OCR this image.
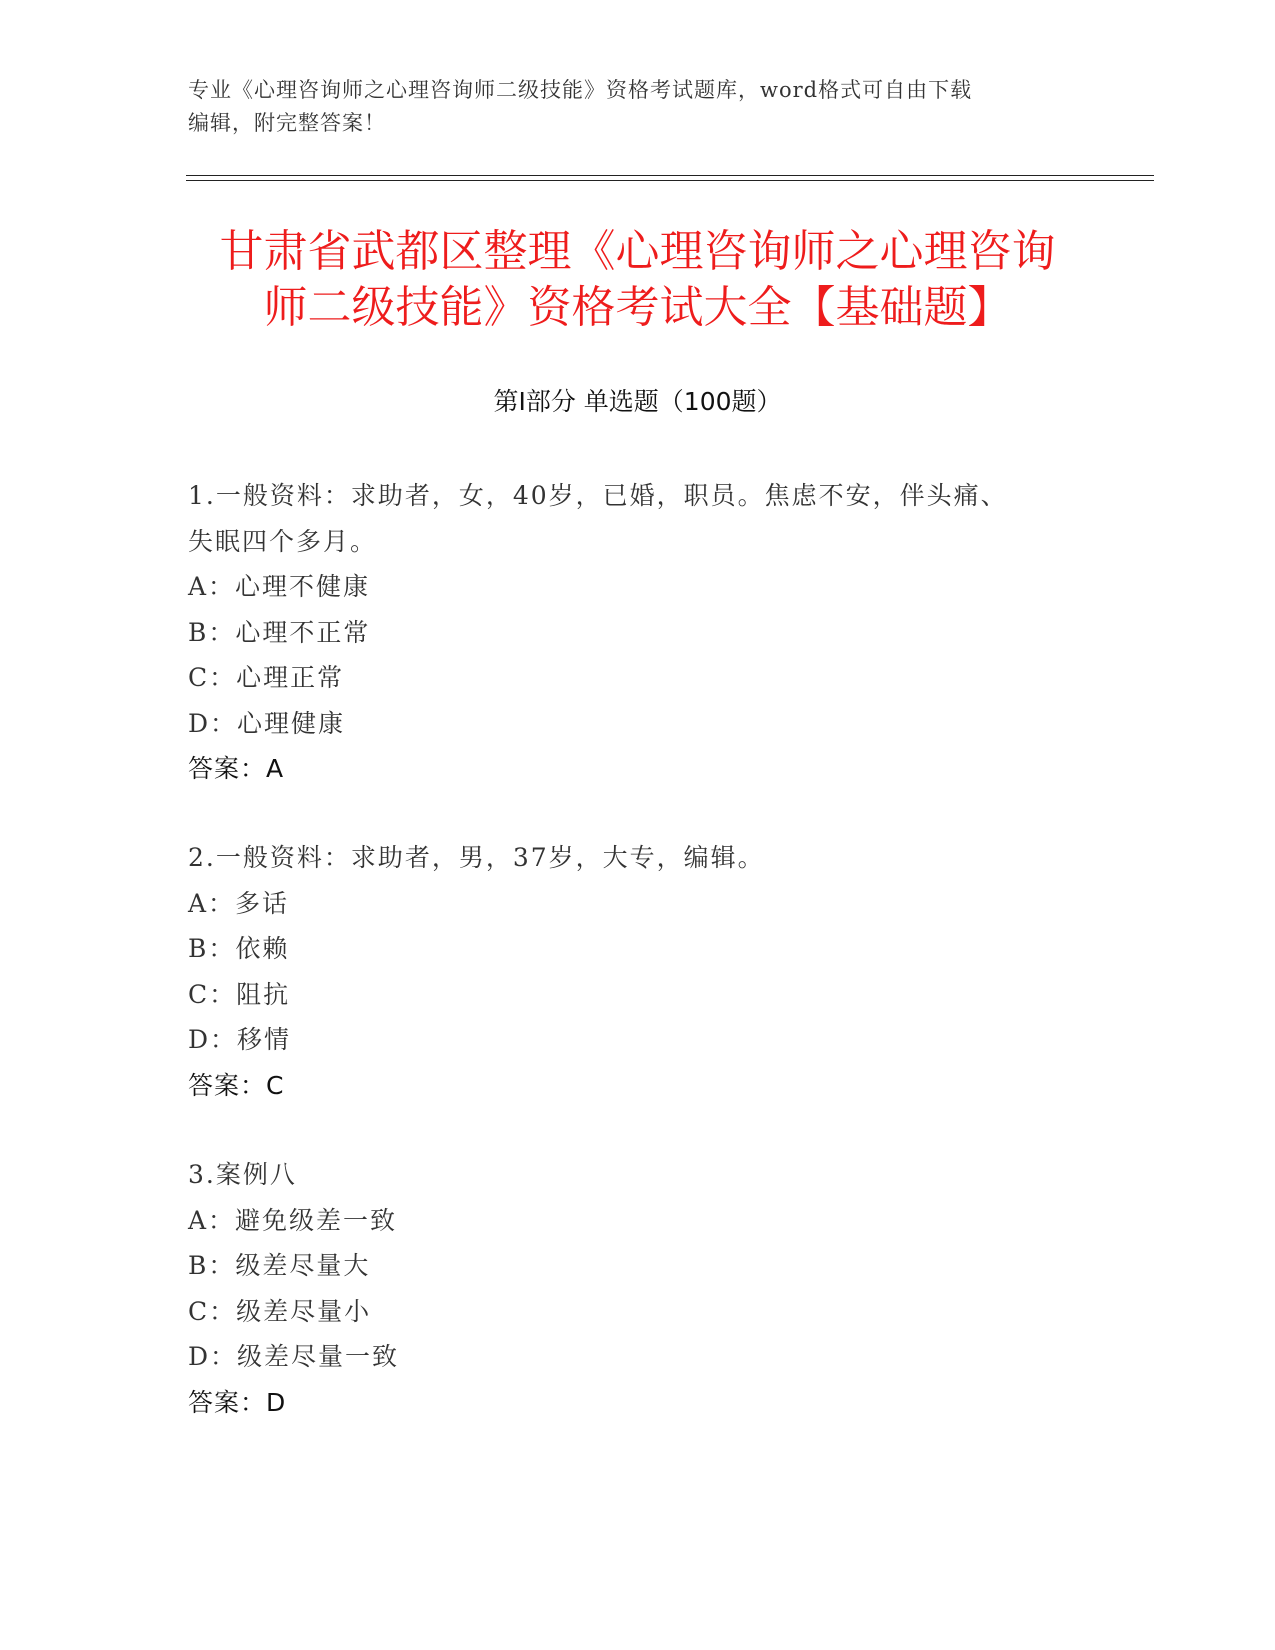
专业《心理咨询师之心理咨询师二级技能》资格考试题库，word格式可自由下载
编辑，附完整答案！
甘肃省武都区整理《心理咨询师之心理咨询
师二级技能》资格考试大全【基础题】
第Ⅰ部分 单选题（100题）
1.一般资料：求助者，女，40岁，已婚，职员。焦虑不安，伴头痛、
失眠四个多月。
A：心理不健康
B：心理不正常
C：心理正常
D：心理健康
答案：A
2.一般资料：求助者，男，37岁，大专，编辑。
A：多话
B：依赖
C：阻抗
D：移情
答案：C
3.案例八
A：避免级差一致
B：级差尽量大
C：级差尽量小
D：级差尽量一致
答案：D
